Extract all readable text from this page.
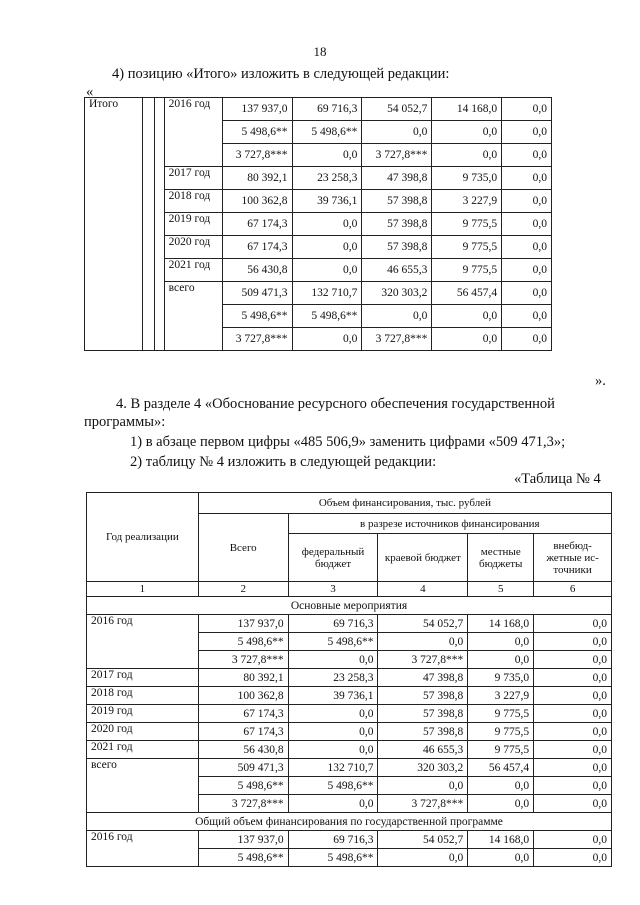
18
4) позицию «Итого» изложить в следующей редакции:
«
Итого			2016 год	137 937,0	69 716,3	54 052,7	14 168,0	0,0
				5 498,6**	5 498,6**	0,0	0,0	0,0
				3 727,8***	0,0	3 727,8***	0,0	0,0
			2017 год	80 392,1	23 258,3	47 398,8	9 735,0	0,0
			2018 год	100 362,8	39 736,1	57 398,8	3 227,9	0,0
			2019 год	67 174,3	0,0	57 398,8	9 775,5	0,0
			2020 год	67 174,3	0,0	57 398,8	9 775,5	0,0
			2021 год	56 430,8	0,0	46 655,3	9 775,5	0,0
			всего	509 471,3	132 710,7	320 303,2	56 457,4	0,0
				5 498,6**	5 498,6**	0,0	0,0	0,0
				3 727,8***	0,0	3 727,8***	0,0	0,0
».
4. В разделе 4 «Обоснование ресурсного обеспечения государственной
программы»:
1) в абзаце первом цифры «485 506,9» заменить цифрами «509 471,3»;
2) таблицу № 4 изложить в следующей редакции:
«Таблица № 4
Год реализации	Объем финансирования, тыс. рублей				
	Всего	в разрезе источников финансирования			
		федеральный бюджет	краевой бюджет	местные бюджеты	внебюд-жетные ис-точники
1	2	3	4	5	6
Основные мероприятия					
2016 год	137 937,0	69 716,3	54 052,7	14 168,0	0,0
	5 498,6**	5 498,6**	0,0	0,0	0,0
	3 727,8***	0,0	3 727,8***	0,0	0,0
2017 год	80 392,1	23 258,3	47 398,8	9 735,0	0,0
2018 год	100 362,8	39 736,1	57 398,8	3 227,9	0,0
2019 год	67 174,3	0,0	57 398,8	9 775,5	0,0
2020 год	67 174,3	0,0	57 398,8	9 775,5	0,0
2021 год	56 430,8	0,0	46 655,3	9 775,5	0,0
всего	509 471,3	132 710,7	320 303,2	56 457,4	0,0
	5 498,6**	5 498,6**	0,0	0,0	0,0
	3 727,8***	0,0	3 727,8***	0,0	0,0
Общий объем финансирования по государственной программе					
2016 год	137 937,0	69 716,3	54 052,7	14 168,0	0,0
	5 498,6**	5 498,6**	0,0	0,0	0,0
